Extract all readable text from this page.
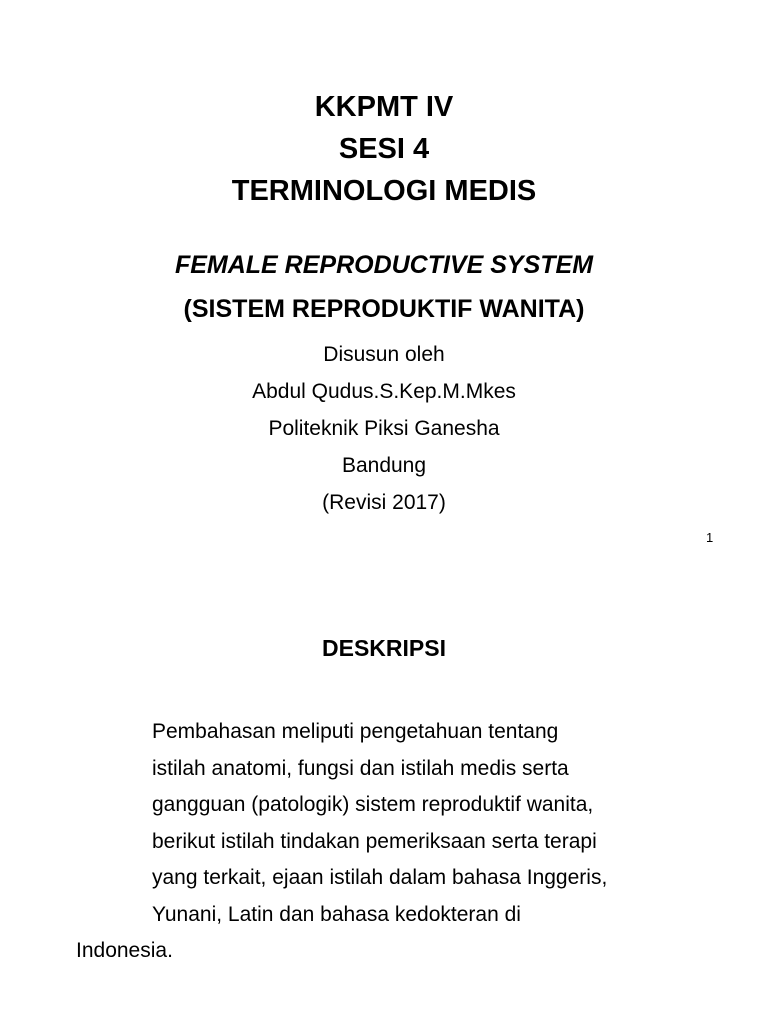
KKPMT IV
SESI 4
TERMINOLOGI MEDIS
FEMALE REPRODUCTIVE SYSTEM
(SISTEM REPRODUKTIF WANITA)
Disusun oleh
Abdul Qudus.S.Kep.M.Mkes
Politeknik Piksi Ganesha
Bandung
(Revisi 2017)
1
DESKRIPSI
Pembahasan meliputi pengetahuan tentang
istilah anatomi, fungsi dan istilah medis serta
gangguan (patologik) sistem reproduktif wanita,
berikut istilah tindakan pemeriksaan serta terapi
yang terkait, ejaan istilah dalam bahasa Inggeris,
Yunani, Latin dan bahasa kedokteran di
Indonesia.
